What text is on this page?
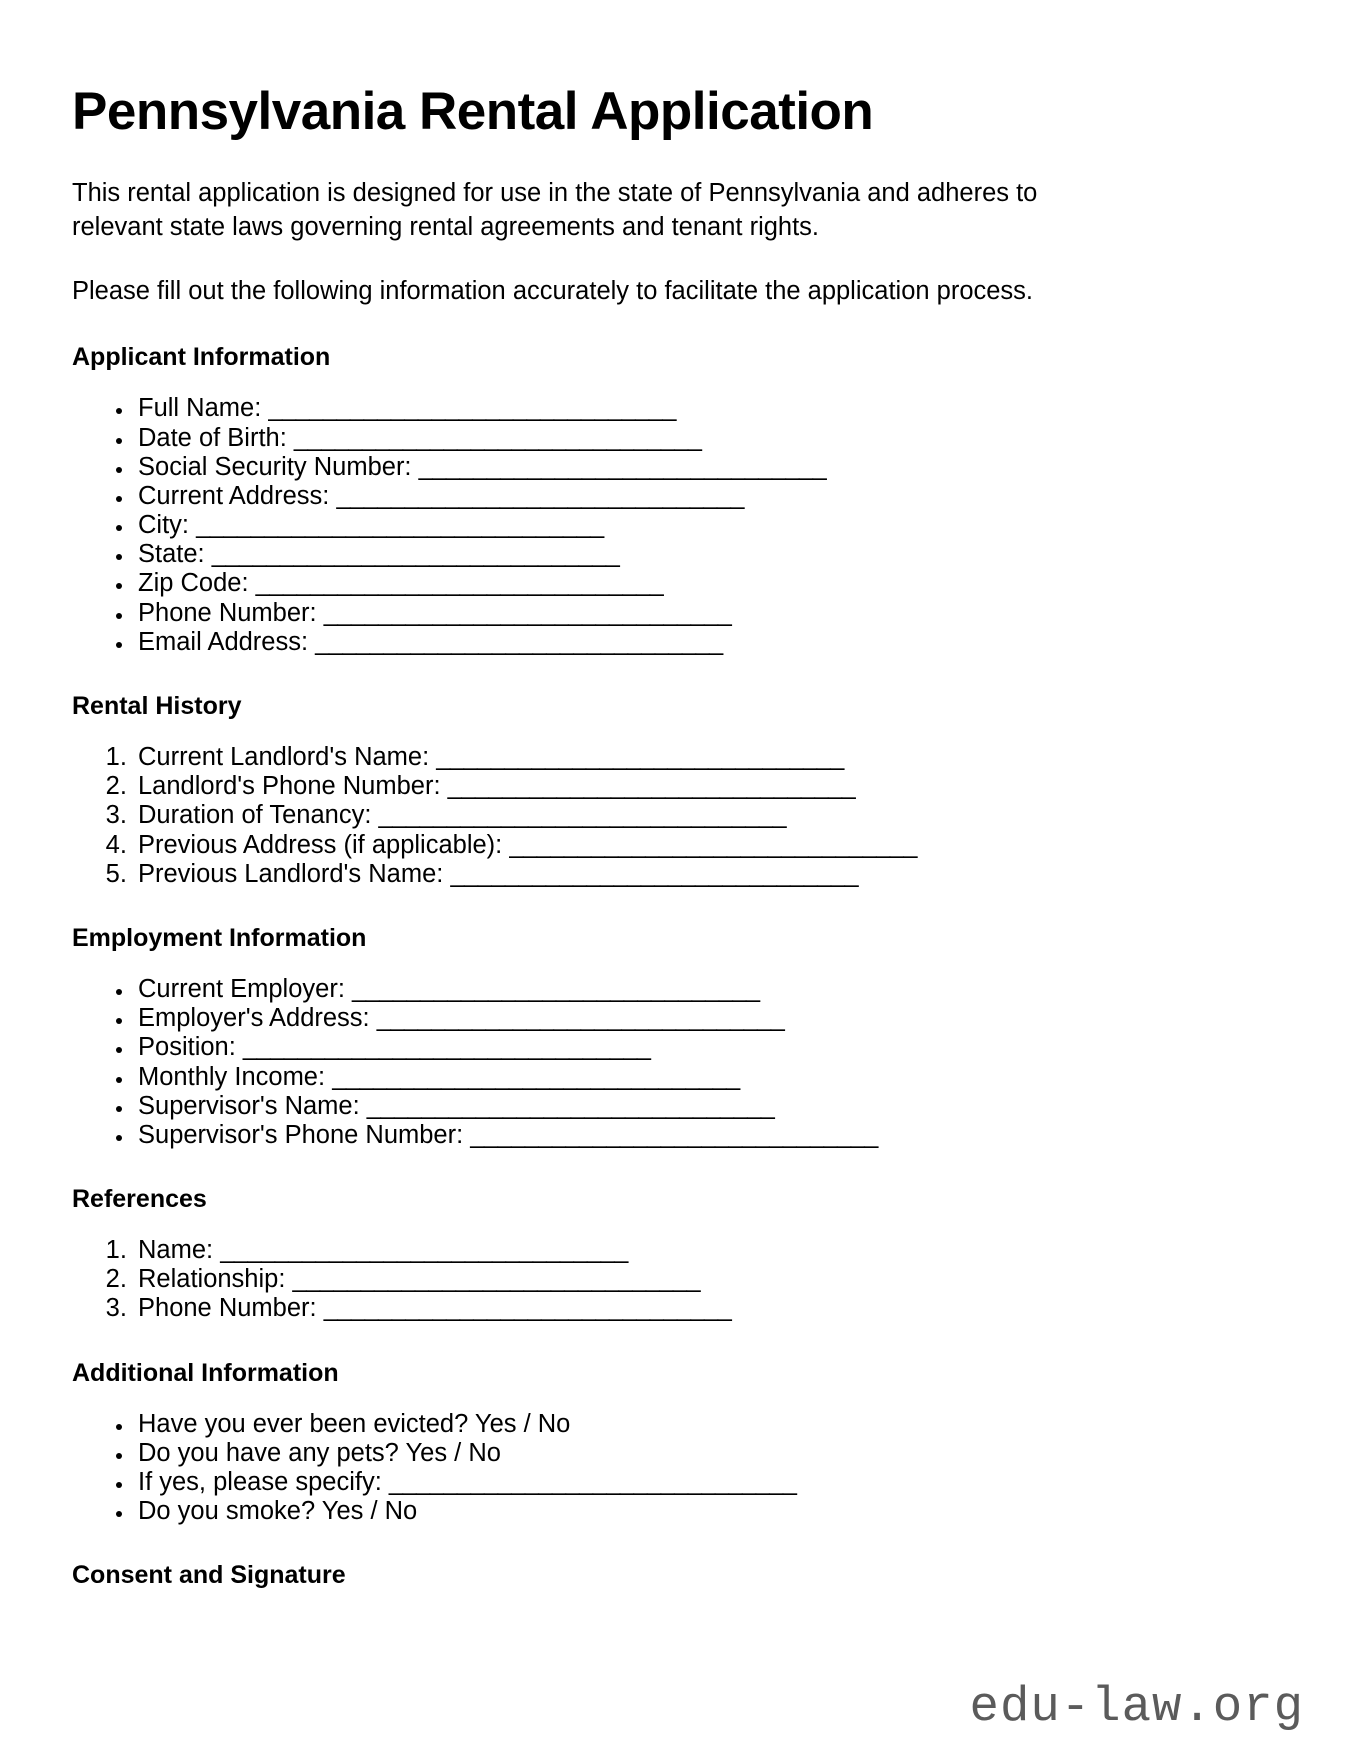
Pennsylvania Rental Application

This rental application is designed for use in the state of Pennsylvania and adheres to relevant state laws governing rental agreements and tenant rights.

Please fill out the following information accurately to facilitate the application process.

Applicant Information
• Full Name: ______________________________
• Date of Birth: ______________________________
• Social Security Number: ______________________________
• Current Address: ______________________________
• City: ______________________________
• State: ______________________________
• Zip Code: ______________________________
• Phone Number: ______________________________
• Email Address: ______________________________
Rental History
1. Current Landlord's Name: ______________________________
2. Landlord's Phone Number: ______________________________
3. Duration of Tenancy: ______________________________
4. Previous Address (if applicable): ______________________________
5. Previous Landlord's Name: ______________________________
Employment Information
• Current Employer: ______________________________
• Employer's Address: ______________________________
• Position: ______________________________
• Monthly Income: ______________________________
• Supervisor's Name: ______________________________
• Supervisor's Phone Number: ______________________________
References
1. Name: ______________________________
2. Relationship: ______________________________
3. Phone Number: ______________________________
Additional Information
• Have you ever been evicted? Yes / No
• Do you have any pets? Yes / No
• If yes, please specify: ______________________________
• Do you smoke? Yes / No
Consent and Signature
edu-law.org
